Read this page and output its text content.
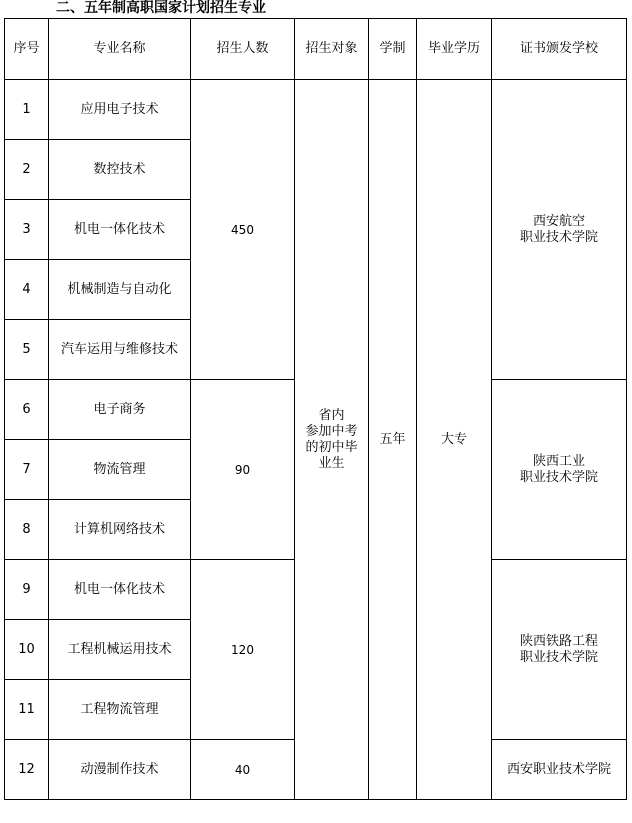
二、五年制高职国家计划招生专业
序号	专业名称	招生人数	招生对象	学制	毕业学历	证书颁发学校
1	应用电子技术	450	省内
参加中考
的初中毕
业生	五年	大专	西安航空
职业技术学院
2	数控技术					
3	机电一体化技术					
4	机械制造与自动化					
5	汽车运用与维修技术					
6	电子商务	90				陕西工业
职业技术学院
7	物流管理					
8	计算机网络技术					
9	机电一体化技术	120				陕西铁路工程
职业技术学院
10	工程机械运用技术					
11	工程物流管理					
12	动漫制作技术	40				西安职业技术学院
